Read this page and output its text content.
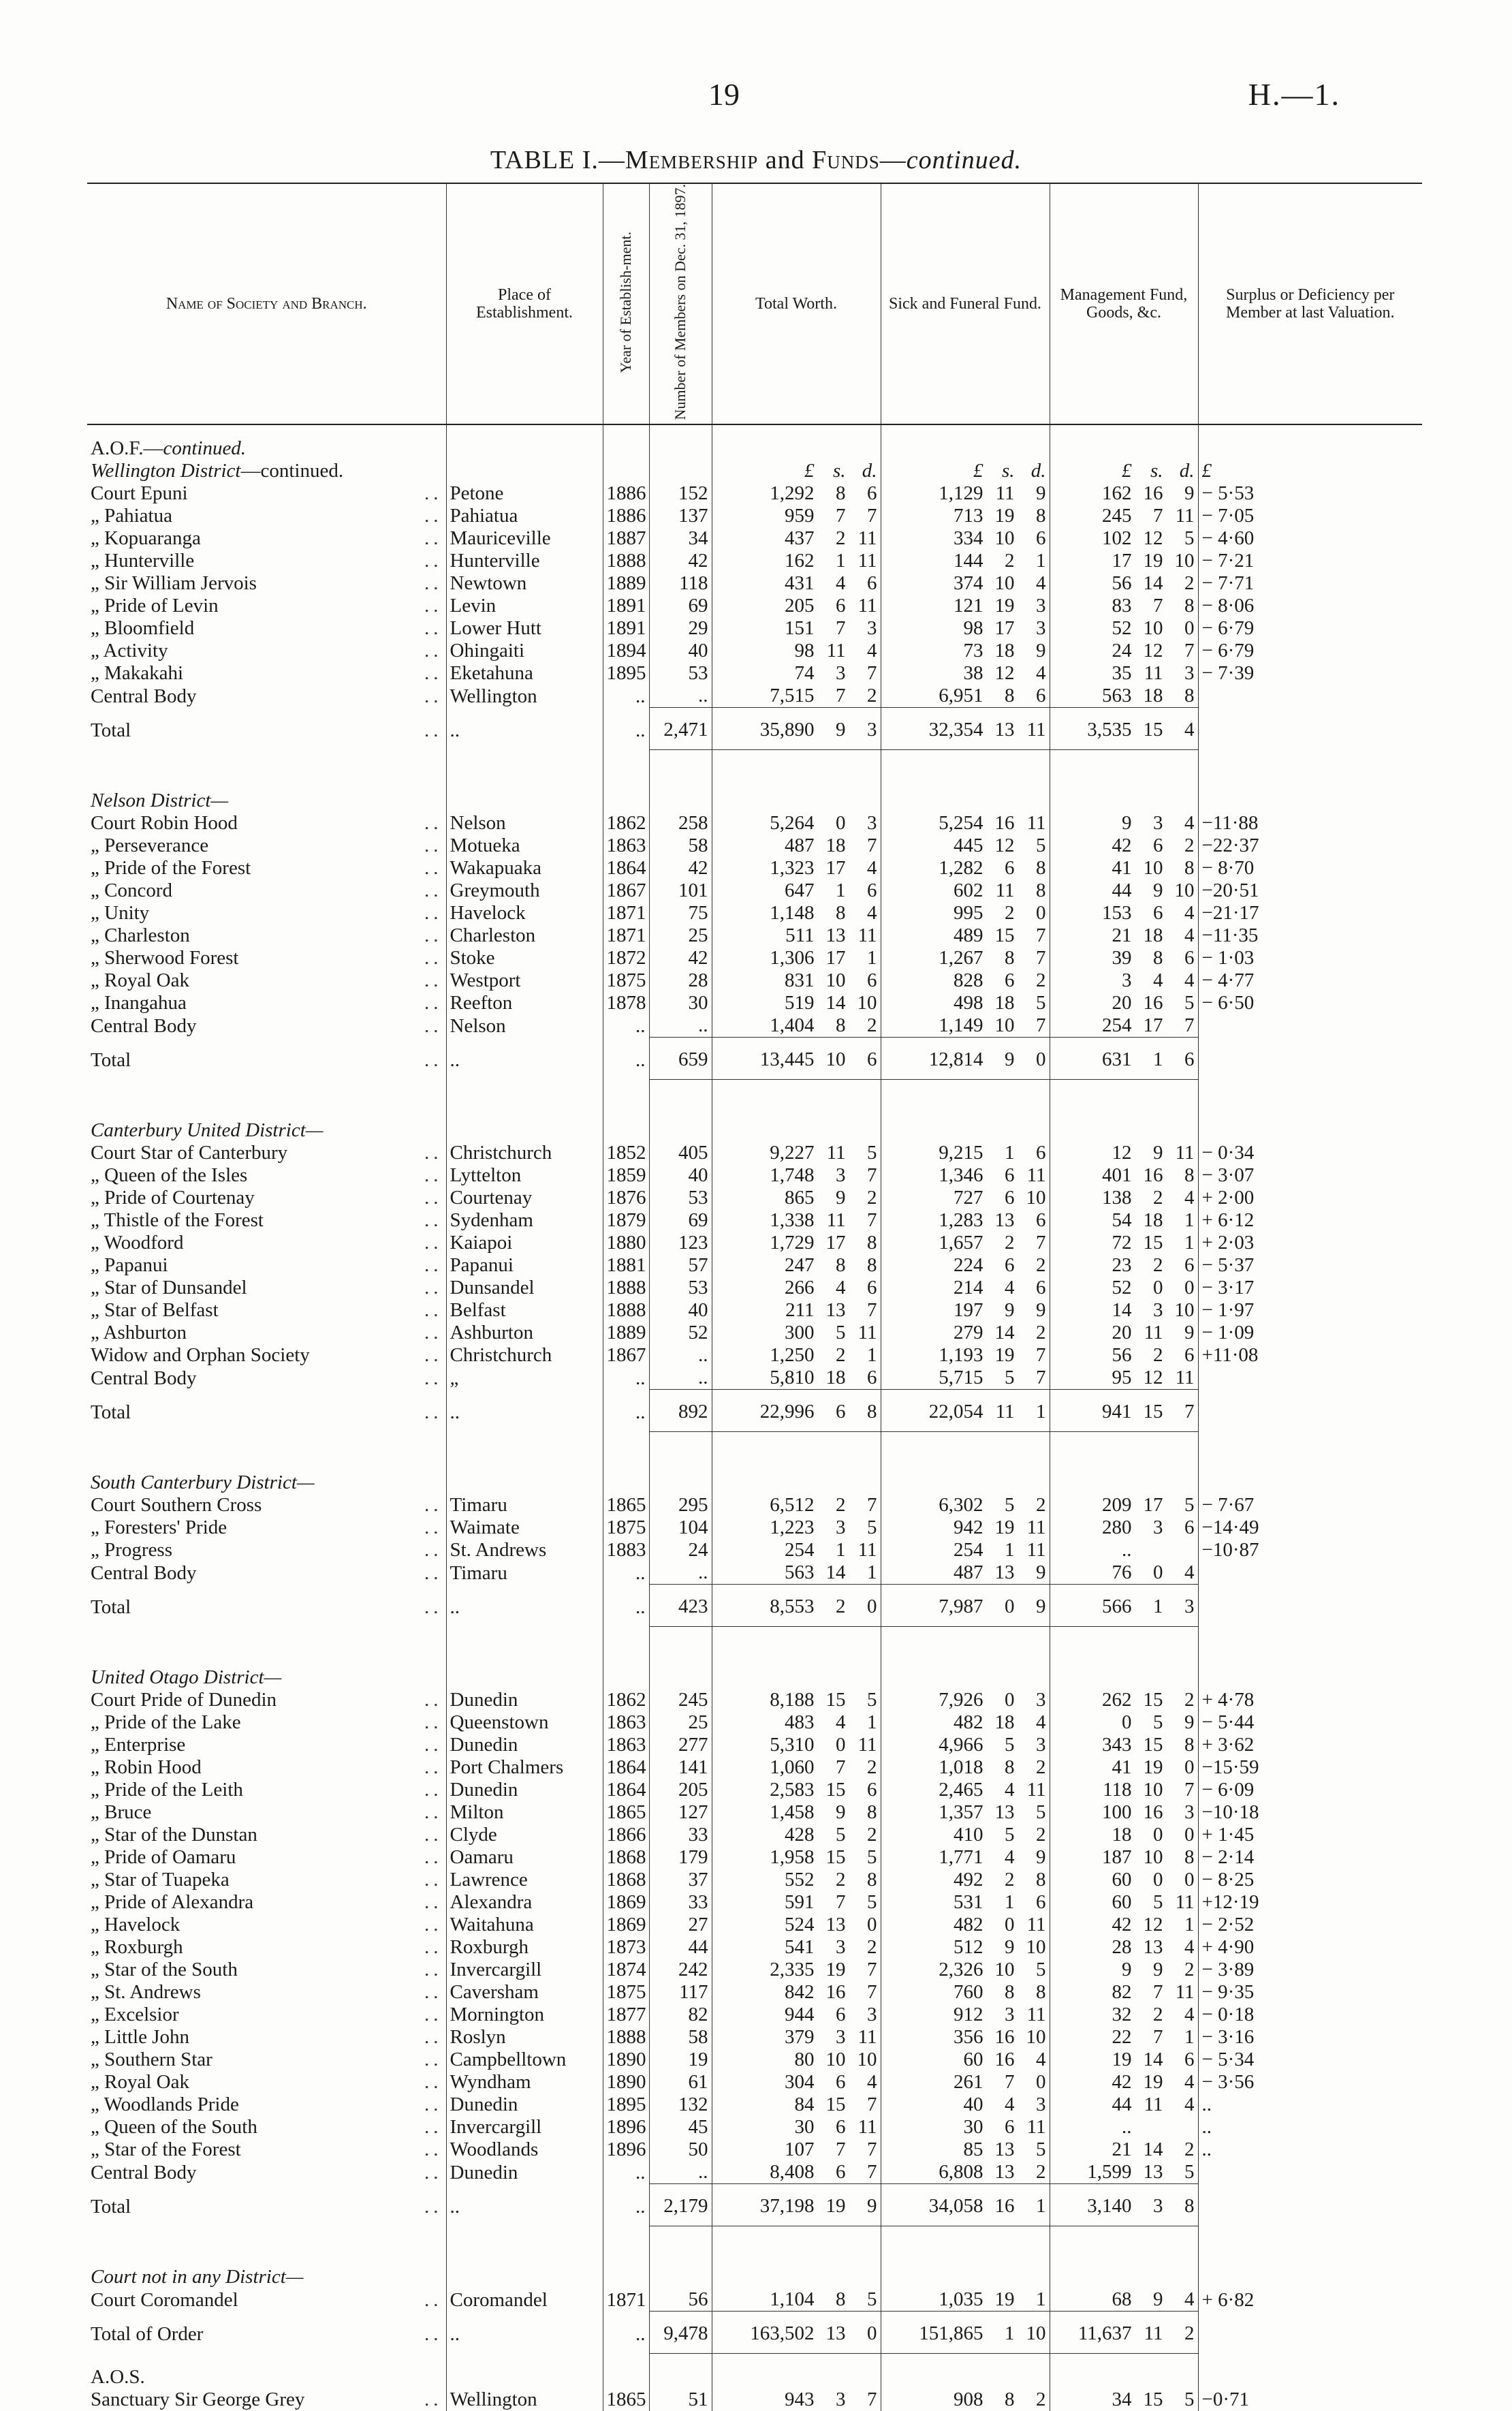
19	H.—1.
TABLE I.—Membership and Funds—continued.
Name of Society and Branch.	Place of Establishment.	Year of Establish-ment.	Number of Members on Dec. 31, 1897.	Total Worth.	Sick and Funeral Fund.	Management Fund, Goods, &c.	Surplus or Deficiency per Member at last Valuation.

A.O.F.—continued.							
Wellington District—continued.				£ s. d.	£ s. d.	£ s. d.	£
Court Epuni ..	Petone	1886	152	1,292 8 6	1,129 11 9	162 16 9	− 5·53
„ Pahiatua ..	Pahiatua	1886	137	959 7 7	713 19 8	245 7 11	− 7·05
„ Kopuaranga ..	Mauriceville	1887	34	437 2 11	334 10 6	102 12 5	− 4·60
„ Hunterville ..	Hunterville	1888	42	162 1 11	144 2 1	17 19 10	− 7·21
„ Sir William Jervois ..	Newtown	1889	118	431 4 6	374 10 4	56 14 2	− 7·71
„ Pride of Levin ..	Levin	1891	69	205 6 11	121 19 3	83 7 8	− 8·06
„ Bloomfield ..	Lower Hutt	1891	29	151 7 3	98 17 3	52 10 0	− 6·79
„ Activity ..	Ohingaiti	1894	40	98 11 4	73 18 9	24 12 7	− 6·79
„ Makakahi ..	Eketahuna	1895	53	74 3 7	38 12 4	35 11 3	− 7·39
Central Body ..	Wellington	..	..	7,515 7 2	6,951 8 6	563 18 8	
Total ..	..	..	2,471	35,890 9 3	32,354 13 11	3,535 15 4	

Nelson District—							
Court Robin Hood ..	Nelson	1862	258	5,264 0 3	5,254 16 11	9 3 4	−11·88
„ Perseverance ..	Motueka	1863	58	487 18 7	445 12 5	42 6 2	−22·37
„ Pride of the Forest ..	Wakapuaka	1864	42	1,323 17 4	1,282 6 8	41 10 8	− 8·70
„ Concord ..	Greymouth	1867	101	647 1 6	602 11 8	44 9 10	−20·51
„ Unity ..	Havelock	1871	75	1,148 8 4	995 2 0	153 6 4	−21·17
„ Charleston ..	Charleston	1871	25	511 13 11	489 15 7	21 18 4	−11·35
„ Sherwood Forest ..	Stoke	1872	42	1,306 17 1	1,267 8 7	39 8 6	− 1·03
„ Royal Oak ..	Westport	1875	28	831 10 6	828 6 2	3 4 4	− 4·77
„ Inangahua ..	Reefton	1878	30	519 14 10	498 18 5	20 16 5	− 6·50
Central Body ..	Nelson	..	..	1,404 8 2	1,149 10 7	254 17 7	
Total ..	..	..	659	13,445 10 6	12,814 9 0	631 1 6	

Canterbury United District—							
Court Star of Canterbury ..	Christchurch	1852	405	9,227 11 5	9,215 1 6	12 9 11	− 0·34
„ Queen of the Isles ..	Lyttelton	1859	40	1,748 3 7	1,346 6 11	401 16 8	− 3·07
„ Pride of Courtenay ..	Courtenay	1876	53	865 9 2	727 6 10	138 2 4	+ 2·00
„ Thistle of the Forest ..	Sydenham	1879	69	1,338 11 7	1,283 13 6	54 18 1	+ 6·12
„ Woodford ..	Kaiapoi	1880	123	1,729 17 8	1,657 2 7	72 15 1	+ 2·03
„ Papanui ..	Papanui	1881	57	247 8 8	224 6 2	23 2 6	− 5·37
„ Star of Dunsandel ..	Dunsandel	1888	53	266 4 6	214 4 6	52 0 0	− 3·17
„ Star of Belfast ..	Belfast	1888	40	211 13 7	197 9 9	14 3 10	− 1·97
„ Ashburton ..	Ashburton	1889	52	300 5 11	279 14 2	20 11 9	− 1·09
Widow and Orphan Society ..	Christchurch	1867	..	1,250 2 1	1,193 19 7	56 2 6	+11·08
Central Body ..	„	..	..	5,810 18 6	5,715 5 7	95 12 11	
Total ..	..	..	892	22,996 6 8	22,054 11 1	941 15 7	

South Canterbury District—							
Court Southern Cross ..	Timaru	1865	295	6,512 2 7	6,302 5 2	209 17 5	− 7·67
„ Foresters' Pride ..	Waimate	1875	104	1,223 3 5	942 19 11	280 3 6	−14·49
„ Progress ..	St. Andrews	1883	24	254 1 11	254 1 11	..	−10·87
Central Body ..	Timaru	..	..	563 14 1	487 13 9	76 0 4	
Total ..	..	..	423	8,553 2 0	7,987 0 9	566 1 3	

United Otago District—							
Court Pride of Dunedin ..	Dunedin	1862	245	8,188 15 5	7,926 0 3	262 15 2	+ 4·78
„ Pride of the Lake ..	Queenstown	1863	25	483 4 1	482 18 4	0 5 9	− 5·44
„ Enterprise ..	Dunedin	1863	277	5,310 0 11	4,966 5 3	343 15 8	+ 3·62
„ Robin Hood ..	Port Chalmers	1864	141	1,060 7 2	1,018 8 2	41 19 0	−15·59
„ Pride of the Leith ..	Dunedin	1864	205	2,583 15 6	2,465 4 11	118 10 7	− 6·09
„ Bruce ..	Milton	1865	127	1,458 9 8	1,357 13 5	100 16 3	−10·18
„ Star of the Dunstan ..	Clyde	1866	33	428 5 2	410 5 2	18 0 0	+ 1·45
„ Pride of Oamaru ..	Oamaru	1868	179	1,958 15 5	1,771 4 9	187 10 8	− 2·14
„ Star of Tuapeka ..	Lawrence	1868	37	552 2 8	492 2 8	60 0 0	− 8·25
„ Pride of Alexandra ..	Alexandra	1869	33	591 7 5	531 1 6	60 5 11	+12·19
„ Havelock ..	Waitahuna	1869	27	524 13 0	482 0 11	42 12 1	− 2·52
„ Roxburgh ..	Roxburgh	1873	44	541 3 2	512 9 10	28 13 4	+ 4·90
„ Star of the South ..	Invercargill	1874	242	2,335 19 7	2,326 10 5	9 9 2	− 3·89
„ St. Andrews ..	Caversham	1875	117	842 16 7	760 8 8	82 7 11	− 9·35
„ Excelsior ..	Mornington	1877	82	944 6 3	912 3 11	32 2 4	− 0·18
„ Little John ..	Roslyn	1888	58	379 3 11	356 16 10	22 7 1	− 3·16
„ Southern Star ..	Campbelltown	1890	19	80 10 10	60 16 4	19 14 6	− 5·34
„ Royal Oak ..	Wyndham	1890	61	304 6 4	261 7 0	42 19 4	− 3·56
„ Woodlands Pride ..	Dunedin	1895	132	84 15 7	40 4 3	44 11 4	..
„ Queen of the South ..	Invercargill	1896	45	30 6 11	30 6 11	..	..
„ Star of the Forest ..	Woodlands	1896	50	107 7 7	85 13 5	21 14 2	..
Central Body ..	Dunedin	..	..	8,408 6 7	6,808 13 2	1,599 13 5	
Total ..	..	..	2,179	37,198 19 9	34,058 16 1	3,140 3 8	

Court not in any District—							
Court Coromandel ..	Coromandel	1871	56	1,104 8 5	1,035 19 1	68 9 4	+ 6·82
Total of Order ..	..	..	9,478	163,502 13 0	151,865 1 10	11,637 11 2	

A.O.S.							
Sanctuary Sir George Grey ..	Wellington	1865	51	943 3 7	908 8 2	34 15 5	−0·71
